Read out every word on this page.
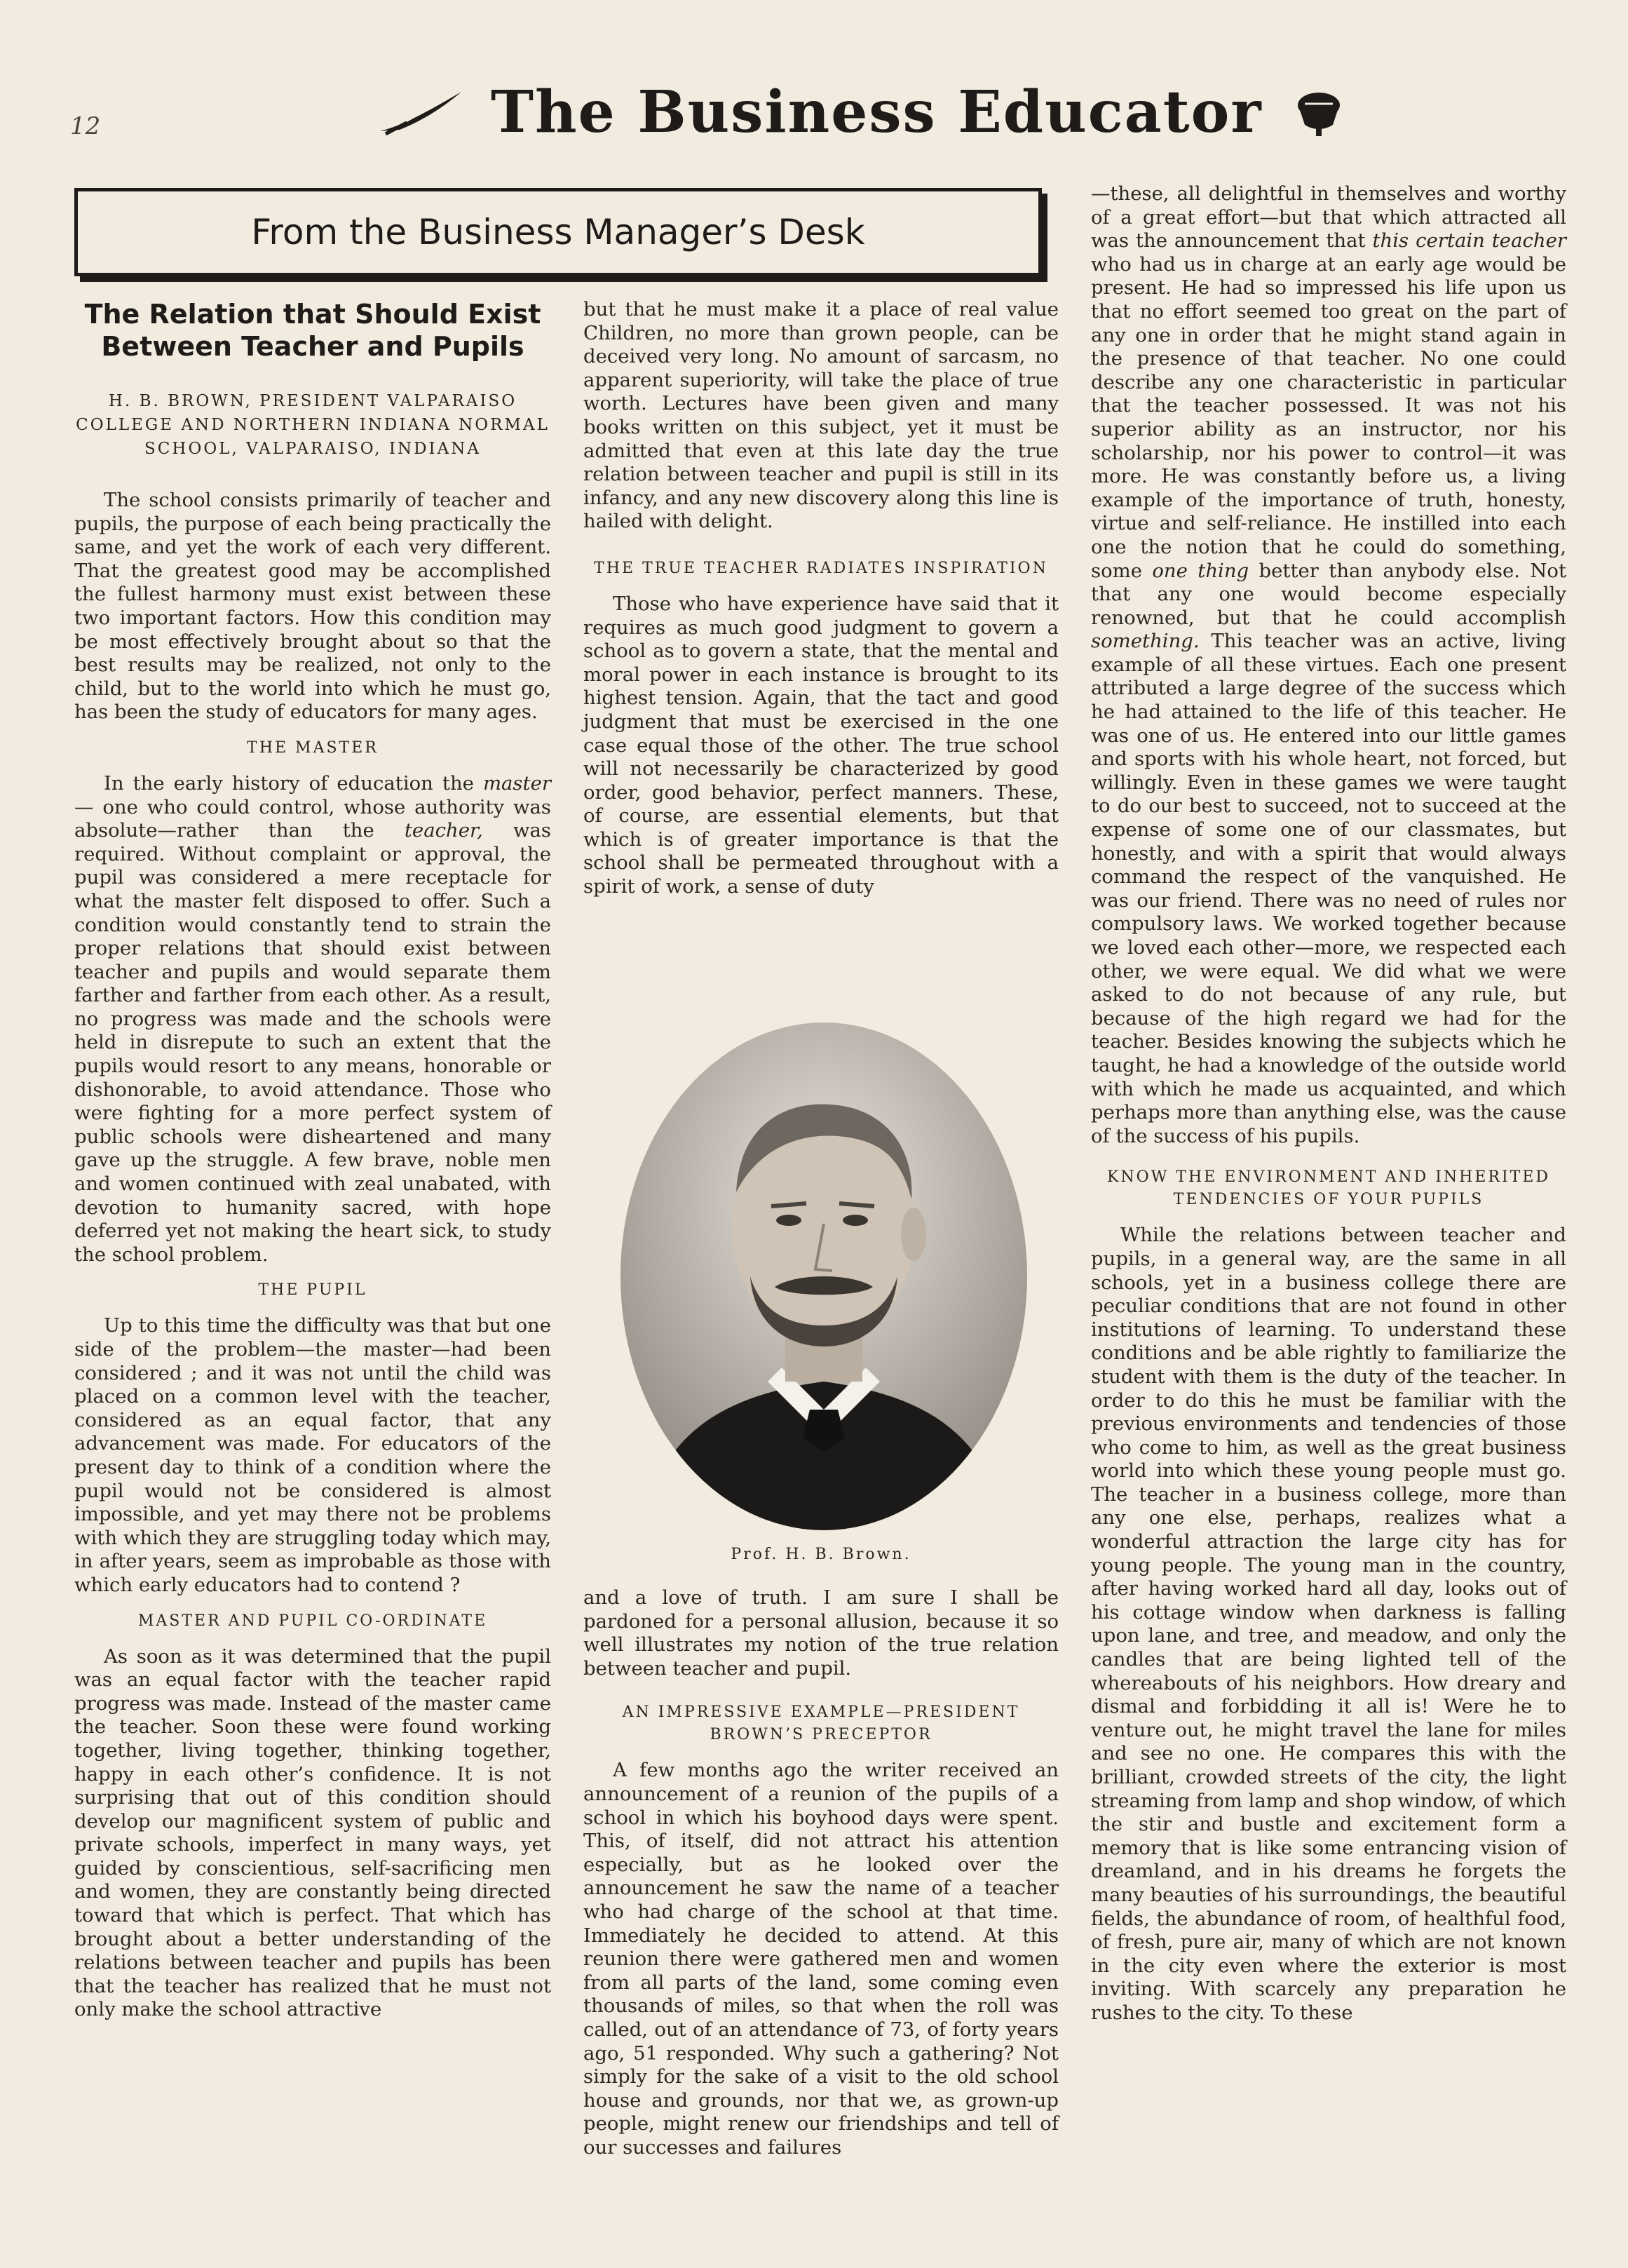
12	The Business Educator
From the Business Manager’s Desk
The Relation that Should Exist Between Teacher and Pupils
H. B. BROWN, PRESIDENT VALPARAISO COLLEGE AND NORTHERN INDIANA NORMAL SCHOOL, VALPARAISO, INDIANA

The school consists primarily of teacher and pupils, the purpose of each being practically the same, and yet the work of each very different. That the greatest good may be accomplished the fullest harmony must exist between these two important factors. How this condition may be most effectively brought about so that the best results may be realized, not only to the child, but to the world into which he must go, has been the study of educators for many ages.

THE MASTER

In the early history of education the master — one who could control, whose authority was absolute—rather than the teacher, was required. Without complaint or approval, the pupil was considered a mere receptacle for what the master felt disposed to offer. Such a condition would constantly tend to strain the proper relations that should exist between teacher and pupils and would separate them farther and farther from each other. As a result, no progress was made and the schools were held in disrepute to such an extent that the pupils would resort to any means, honorable or dishonorable, to avoid attendance. Those who were fighting for a more perfect system of public schools were disheartened and many gave up the struggle. A few brave, noble men and women continued with zeal unabated, with devotion to humanity sacred, with hope deferred yet not making the heart sick, to study the school problem.

THE PUPIL

Up to this time the difficulty was that but one side of the problem—the master—had been considered ; and it was not until the child was placed on a common level with the teacher, considered as an equal factor, that any advancement was made. For educators of the present day to think of a condition where the pupil would not be considered is almost impossible, and yet may there not be problems with which they are struggling today which may, in after years, seem as improbable as those with which early educators had to contend ?

MASTER AND PUPIL CO-ORDINATE

As soon as it was determined that the pupil was an equal factor with the teacher rapid progress was made. Instead of the master came the teacher. Soon these were found working together, living together, thinking together, happy in each other’s confidence. It is not surprising that out of this condition should develop our magnificent system of public and private schools, imperfect in many ways, yet guided by conscientious, self-sacrificing men and women, they are constantly being directed toward that which is perfect. That which has brought about a better understanding of the relations between teacher and pupils has been that the teacher has realized that he must not only make the school attractive

but that he must make it a place of real value Children, no more than grown people, can be deceived very long. No amount of sarcasm, no apparent superiority, will take the place of true worth. Lectures have been given and many books written on this subject, yet it must be admitted that even at this late day the true relation between teacher and pupil is still in its infancy, and any new discovery along this line is hailed with delight.

THE TRUE TEACHER RADIATES INSPIRATION

Those who have experience have said that it requires as much good judgment to govern a school as to govern a state, that the mental and moral power in each instance is brought to its highest tension. Again, that the tact and good judgment that must be exercised in the one case equal those of the other. The true school will not necessarily be characterized by good order, good behavior, perfect manners. These, of course, are essential elements, but that which is of greater importance is that the school shall be permeated throughout with a spirit of work, a sense of duty

Prof. H. B. Brown.

and a love of truth. I am sure I shall be pardoned for a personal allusion, because it so well illustrates my notion of the true relation between teacher and pupil.

AN IMPRESSIVE EXAMPLE—PRESIDENT BROWN’S PRECEPTOR

A few months ago the writer received an announcement of a reunion of the pupils of a school in which his boyhood days were spent. This, of itself, did not attract his attention especially, but as he looked over the announcement he saw the name of a teacher who had charge of the school at that time. Immediately he decided to attend. At this reunion there were gathered men and women from all parts of the land, some coming even thousands of miles, so that when the roll was called, out of an attendance of 73, of forty years ago, 51 responded. Why such a gathering? Not simply for the sake of a visit to the old school house and grounds, nor that we, as grown-up people, might renew our friendships and tell of our successes and failures

—these, all delightful in themselves and worthy of a great effort—but that which attracted all was the announcement that this certain teacher who had us in charge at an early age would be present. He had so impressed his life upon us that no effort seemed too great on the part of any one in order that he might stand again in the presence of that teacher. No one could describe any one characteristic in particular that the teacher possessed. It was not his superior ability as an instructor, nor his scholarship, nor his power to control—it was more. He was constantly before us, a living example of the importance of truth, honesty, virtue and self-reliance. He instilled into each one the notion that he could do something, some one thing better than anybody else. Not that any one would become especially renowned, but that he could accomplish something. This teacher was an active, living example of all these virtues. Each one present attributed a large degree of the success which he had attained to the life of this teacher. He was one of us. He entered into our little games and sports with his whole heart, not forced, but willingly. Even in these games we were taught to do our best to succeed, not to succeed at the expense of some one of our classmates, but honestly, and with a spirit that would always command the respect of the vanquished. He was our friend. There was no need of rules nor compulsory laws. We worked together because we loved each other—more, we respected each other, we were equal. We did what we were asked to do not because of any rule, but because of the high regard we had for the teacher. Besides knowing the subjects which he taught, he had a knowledge of the outside world with which he made us acquainted, and which perhaps more than anything else, was the cause of the success of his pupils.

KNOW THE ENVIRONMENT AND INHERITED TENDENCIES OF YOUR PUPILS

While the relations between teacher and pupils, in a general way, are the same in all schools, yet in a business college there are peculiar conditions that are not found in other institutions of learning. To understand these conditions and be able rightly to familiarize the student with them is the duty of the teacher. In order to do this he must be familiar with the previous environments and tendencies of those who come to him, as well as the great business world into which these young people must go. The teacher in a business college, more than any one else, perhaps, realizes what a wonderful attraction the large city has for young people. The young man in the country, after having worked hard all day, looks out of his cottage window when darkness is falling upon lane, and tree, and meadow, and only the candles that are being lighted tell of the whereabouts of his neighbors. How dreary and dismal and forbidding it all is! Were he to venture out, he might travel the lane for miles and see no one. He compares this with the brilliant, crowded streets of the city, the light streaming from lamp and shop window, of which the stir and bustle and excitement form a memory that is like some entrancing vision of dreamland, and in his dreams he forgets the many beauties of his surroundings, the beautiful fields, the abundance of room, of healthful food, of fresh, pure air, many of which are not known in the city even where the exterior is most inviting. With scarcely any preparation he rushes to the city. To these
